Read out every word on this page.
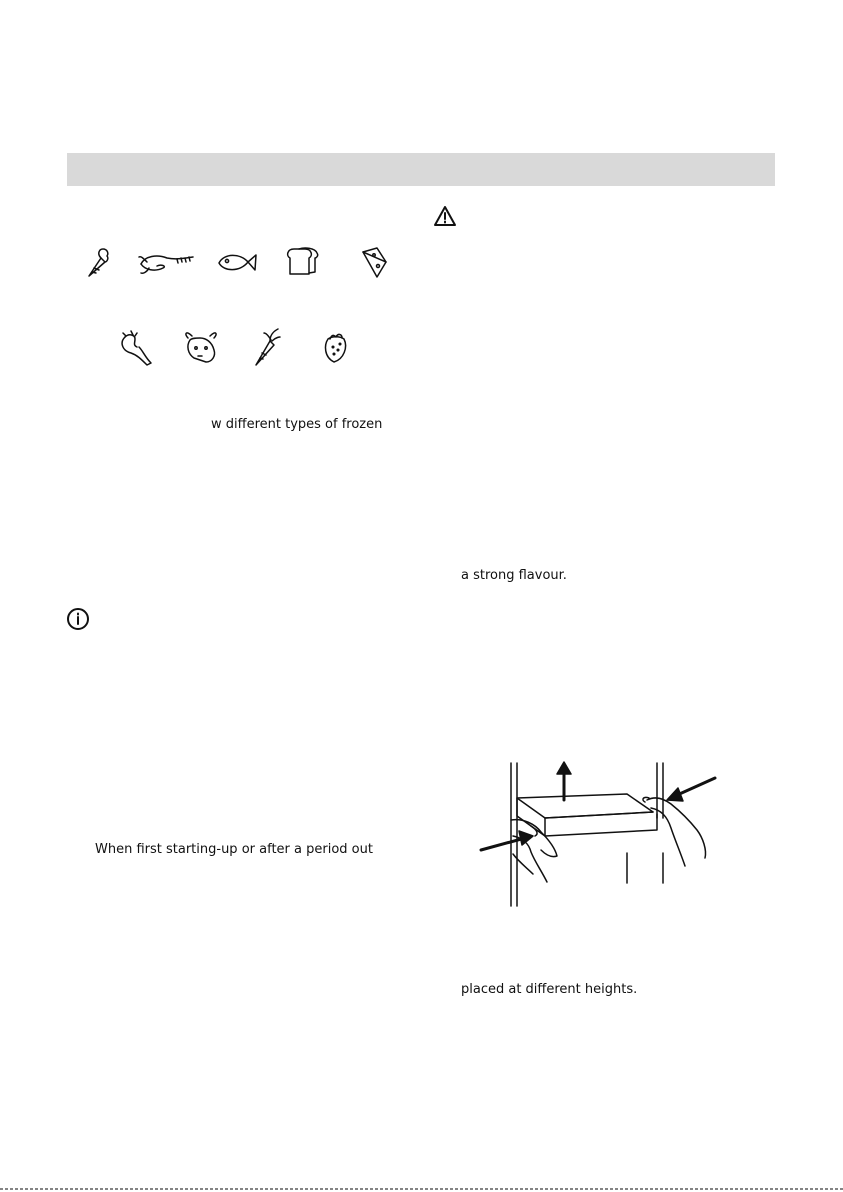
w different types of frozen
a strong flavour.
When first starting-up or after a period out
placed at different heights.
